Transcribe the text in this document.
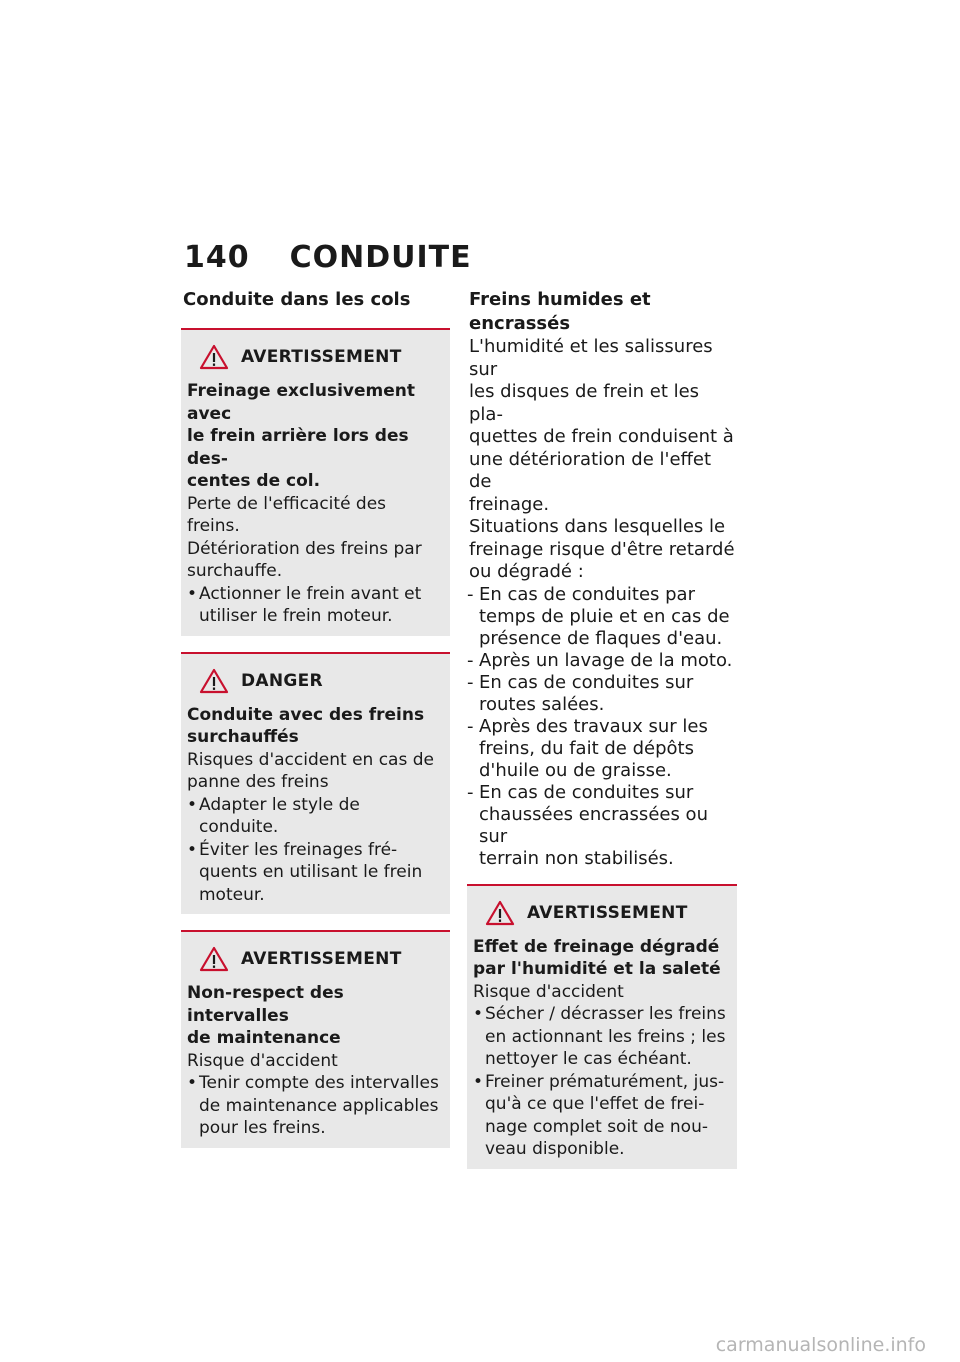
140 CONDUITE
Conduite dans les cols
AVERTISSEMENT
Freinage exclusivement avec
le frein arrière lors des des-
centes de col.
Perte de l'efficacité des freins.
Détérioration des freins par
surchauffe.
• Actionner le frein avant et
utiliser le frein moteur.
DANGER
Conduite avec des freins
surchauffés
Risques d'accident en cas de
panne des freins
• Adapter le style de conduite.
• Éviter les freinages fré-
quents en utilisant le frein
moteur.
AVERTISSEMENT
Non-respect des intervalles
de maintenance
Risque d'accident
• Tenir compte des intervalles
de maintenance applicables
pour les freins.
Freins humides et encrassés
L'humidité et les salissures sur
les disques de frein et les pla-
quettes de frein conduisent à
une détérioration de l'effet de
freinage.
Situations dans lesquelles le
freinage risque d'être retardé
ou dégradé :
- En cas de conduites par
temps de pluie et en cas de
présence de flaques d'eau.
- Après un lavage de la moto.
- En cas de conduites sur
routes salées.
- Après des travaux sur les
freins, du fait de dépôts
d'huile ou de graisse.
- En cas de conduites sur
chaussées encrassées ou sur
terrain non stabilisés.
AVERTISSEMENT
Effet de freinage dégradé
par l'humidité et la saleté
Risque d'accident
• Sécher / décrasser les freins
en actionnant les freins ; les
nettoyer le cas échéant.
• Freiner prématurément, jus-
qu'à ce que l'effet de frei-
nage complet soit de nou-
veau disponible.
carmanualsonline.info
